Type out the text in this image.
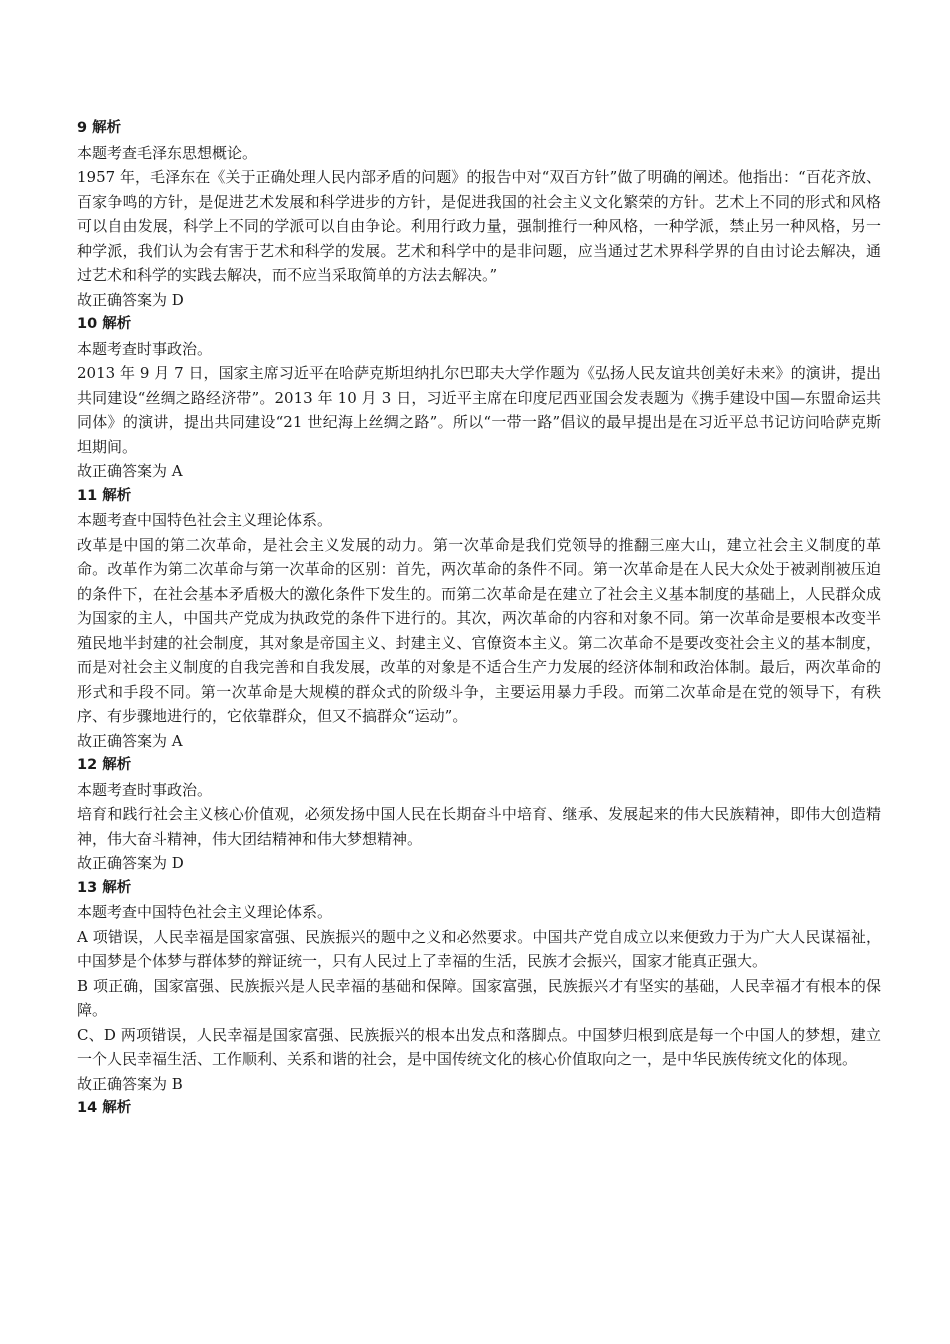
9 解析

本题考查毛泽东思想概论。

1957 年，毛泽东在《关于正确处理人民内部矛盾的问题》的报告中对“双百方针”做了明确的阐述。他指出：“百花齐放、百家争鸣的方针，是促进艺术发展和科学进步的方针，是促进我国的社会主义文化繁荣的方针。艺术上不同的形式和风格可以自由发展，科学上不同的学派可以自由争论。利用行政力量，强制推行一种风格，一种学派，禁止另一种风格，另一种学派，我们认为会有害于艺术和科学的发展。艺术和科学中的是非问题，应当通过艺术界科学界的自由讨论去解决，通过艺术和科学的实践去解决，而不应当采取简单的方法去解决。”

故正确答案为 D

10 解析

本题考查时事政治。

2013 年 9 月 7 日，国家主席习近平在哈萨克斯坦纳扎尔巴耶夫大学作题为《弘扬人民友谊共创美好未来》的演讲，提出共同建设“丝绸之路经济带”。2013 年 10 月 3 日，习近平主席在印度尼西亚国会发表题为《携手建设中国—东盟命运共同体》的演讲，提出共同建设“21 世纪海上丝绸之路”。所以“一带一路”倡议的最早提出是在习近平总书记访问哈萨克斯坦期间。

故正确答案为 A

11 解析

本题考查中国特色社会主义理论体系。

改革是中国的第二次革命，是社会主义发展的动力。第一次革命是我们党领导的推翻三座大山，建立社会主义制度的革命。改革作为第二次革命与第一次革命的区别：首先，两次革命的条件不同。第一次革命是在人民大众处于被剥削被压迫的条件下，在社会基本矛盾极大的激化条件下发生的。而第二次革命是在建立了社会主义基本制度的基础上，人民群众成为国家的主人，中国共产党成为执政党的条件下进行的。其次，两次革命的内容和对象不同。第一次革命是要根本改变半殖民地半封建的社会制度，其对象是帝国主义、封建主义、官僚资本主义。第二次革命不是要改变社会主义的基本制度，而是对社会主义制度的自我完善和自我发展，改革的对象是不适合生产力发展的经济体制和政治体制。最后，两次革命的形式和手段不同。第一次革命是大规模的群众式的阶级斗争，主要运用暴力手段。而第二次革命是在党的领导下，有秩序、有步骤地进行的，它依靠群众，但又不搞群众“运动”。

故正确答案为 A

12 解析

本题考查时事政治。

培育和践行社会主义核心价值观，必须发扬中国人民在长期奋斗中培育、继承、发展起来的伟大民族精神，即伟大创造精神，伟大奋斗精神，伟大团结精神和伟大梦想精神。

故正确答案为 D

13 解析

本题考查中国特色社会主义理论体系。

A 项错误，人民幸福是国家富强、民族振兴的题中之义和必然要求。中国共产党自成立以来便致力于为广大人民谋福祉，中国梦是个体梦与群体梦的辩证统一，只有人民过上了幸福的生活，民族才会振兴，国家才能真正强大。

B 项正确，国家富强、民族振兴是人民幸福的基础和保障。国家富强，民族振兴才有坚实的基础，人民幸福才有根本的保障。

C、D 两项错误，人民幸福是国家富强、民族振兴的根本出发点和落脚点。中国梦归根到底是每一个中国人的梦想，建立一个人民幸福生活、工作顺利、关系和谐的社会，是中国传统文化的核心价值取向之一，是中华民族传统文化的体现。

故正确答案为 B

14 解析
